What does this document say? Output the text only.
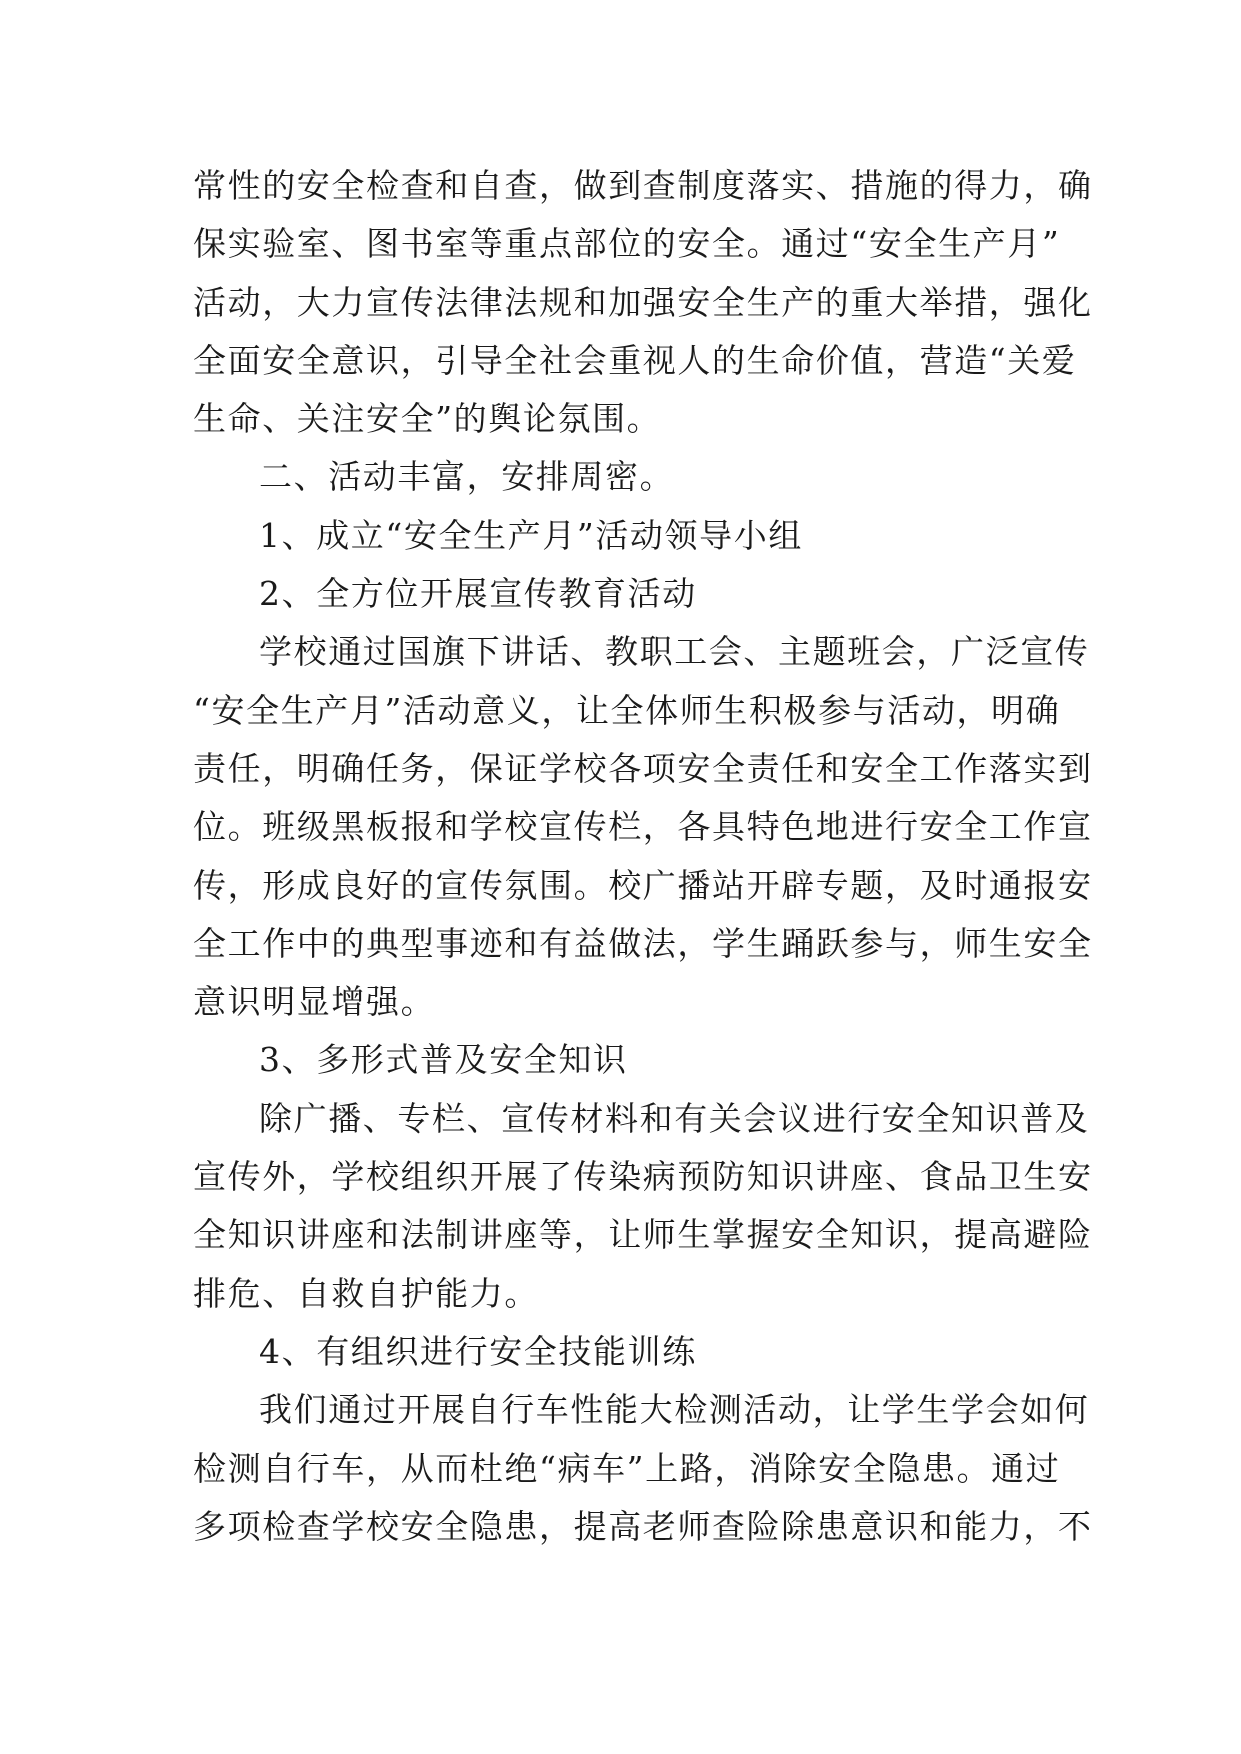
常性的安全检查和自查，做到查制度落实、措施的得力，确
保实验室、图书室等重点部位的安全。通过“安全生产月”
活动，大力宣传法律法规和加强安全生产的重大举措，强化
全面安全意识，引导全社会重视人的生命价值，营造“关爱
生命、关注安全”的舆论氛围。
二、活动丰富，安排周密。
1、成立“安全生产月”活动领导小组
2、全方位开展宣传教育活动
学校通过国旗下讲话、教职工会、主题班会，广泛宣传
“安全生产月”活动意义，让全体师生积极参与活动，明确
责任，明确任务，保证学校各项安全责任和安全工作落实到
位。班级黑板报和学校宣传栏，各具特色地进行安全工作宣
传，形成良好的宣传氛围。校广播站开辟专题，及时通报安
全工作中的典型事迹和有益做法，学生踊跃参与，师生安全
意识明显增强。
3、多形式普及安全知识
除广播、专栏、宣传材料和有关会议进行安全知识普及
宣传外，学校组织开展了传染病预防知识讲座、食品卫生安
全知识讲座和法制讲座等，让师生掌握安全知识，提高避险
排危、自救自护能力。
4、有组织进行安全技能训练
我们通过开展自行车性能大检测活动，让学生学会如何
检测自行车，从而杜绝“病车”上路，消除安全隐患。通过
多项检查学校安全隐患，提高老师查险除患意识和能力，不
